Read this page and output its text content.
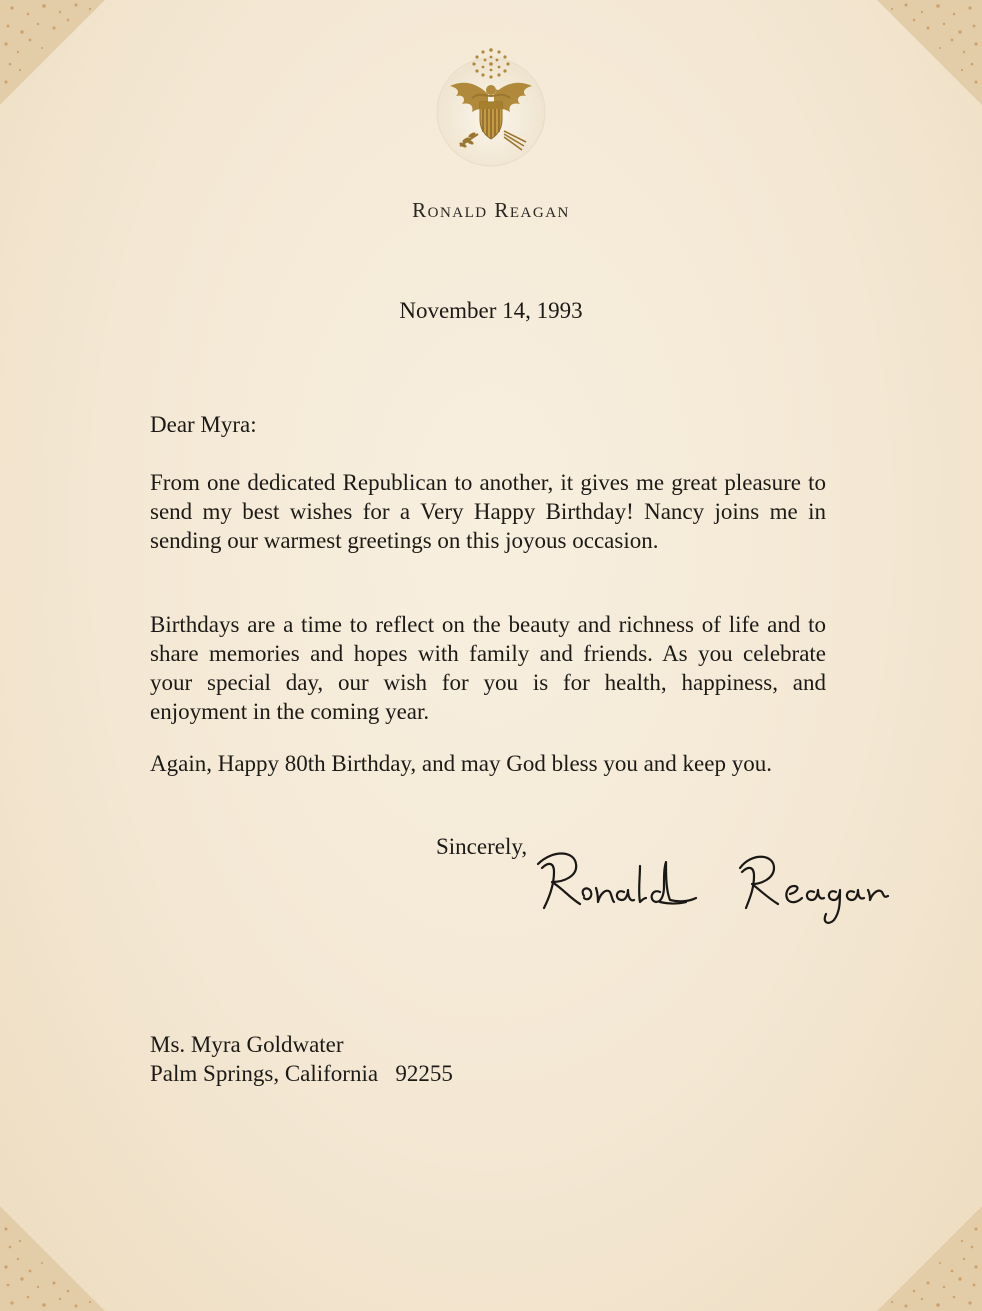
Ronald Reagan
November 14, 1993
Dear Myra:

From one dedicated Republican to another, it gives me great pleasure to send my best wishes for a Very Happy Birthday! Nancy joins me in sending our warmest greetings on this joyous occasion.

Birthdays are a time to reflect on the beauty and richness of life and to share memories and hopes with family and friends. As you celebrate your special day, our wish for you is for health, happiness, and enjoyment in the coming year.

Again, Happy 80th Birthday, and may God bless you and keep you.

Sincerely,
Ms. Myra Goldwater
Palm Springs, California   92255
